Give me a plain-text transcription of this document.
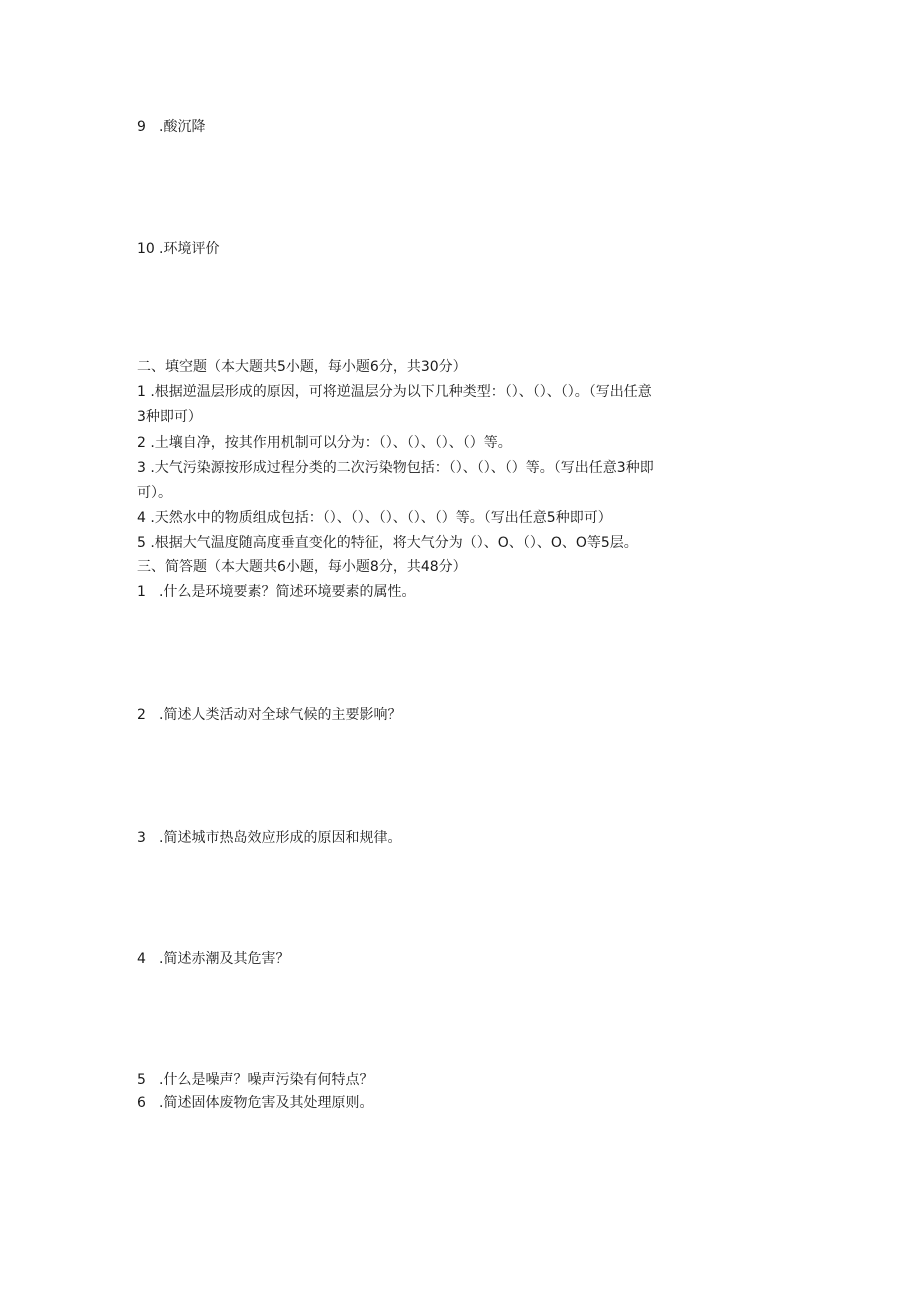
9 .酸沉降
10 .环境评价
二、填空题（本大题共5小题，每小题6分，共30分）
1 .根据逆温层形成的原因，可将逆温层分为以下几种类型：（）、（）、（）。（写出任意
3种即可）
2 .土壤自净，按其作用机制可以分为：（）、（）、（）、（）等。
3 .大气污染源按形成过程分类的二次污染物包括：（）、（）、（）等。（写出任意3种即
可）。
4 .天然水中的物质组成包括：（）、（）、（）、（）、（）等。（写出任意5种即可）
5 .根据大气温度随高度垂直变化的特征，将大气分为（）、O、（）、O、O等5层。
三、简答题（本大题共6小题，每小题8分，共48分）
1 .什么是环境要素？简述环境要素的属性。
2 .简述人类活动对全球气候的主要影响？
3 .简述城市热岛效应形成的原因和规律。
4 .简述赤潮及其危害？
5 .什么是噪声？噪声污染有何特点？
6 .简述固体废物危害及其处理原则。
